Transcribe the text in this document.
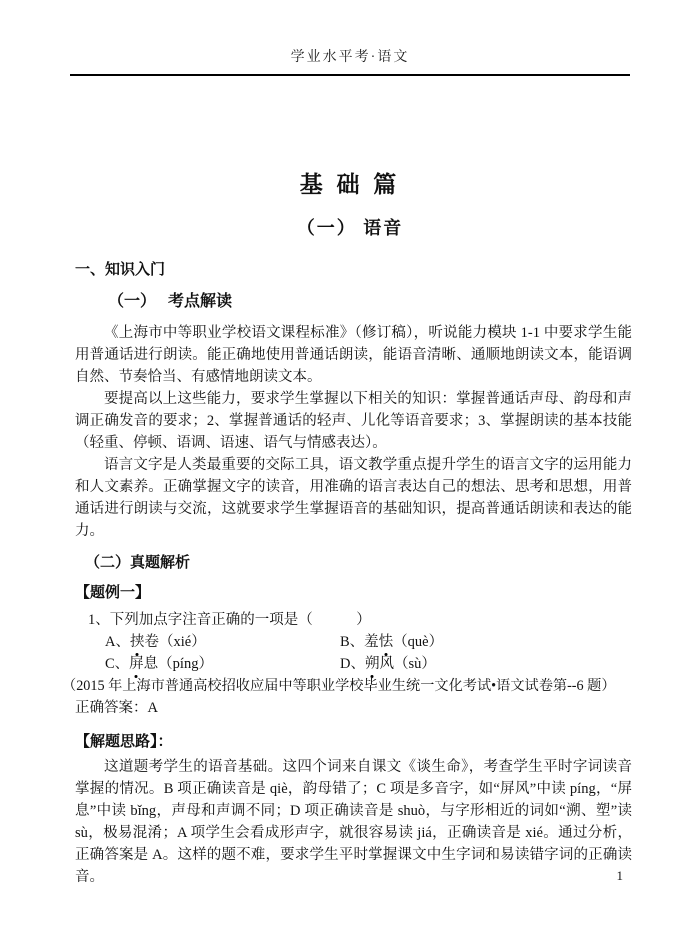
学业水平考·语文
基 础 篇
（一） 语音
一、知识入门
（一）　 考点解读

《上海市中等职业学校语文课程标准》（修订稿），听说能力模块 1-1 中要求学生能用普通话进行朗读。能正确地使用普通话朗读，能语音清晰、通顺地朗读文本，能语调自然、节奏恰当、有感情地朗读文本。

要提高以上这些能力，要求学生掌握以下相关的知识：掌握普通话声母、韵母和声调正确发音的要求；2、掌握普通话的轻声、儿化等语音要求；3、掌握朗读的基本技能（轻重、停顿、语调、语速、语气与情感表达）。

语言文字是人类最重要的交际工具，语文教学重点提升学生的语言文字的运用能力和人文素养。正确掌握文字的读音，用准确的语言表达自己的想法、思考和思想，用普通话进行朗读与交流，这就要求学生掌握语音的基础知识，提高普通话朗读和表达的能力。

（二）真题解析
【题例一】
1、下列加点字注音正确的一项是（　　　）
A、挟卷（xié）	B、羞怯（què）
C、屏息（píng）	D、朔风（sù）
（2015 年上海市普通高校招收应届中等职业学校毕业生统一文化考试•语文试卷第--6 题）
正确答案：A
【解题思路】：

这道题考学生的语音基础。这四个词来自课文《谈生命》，考查学生平时字词读音掌握的情况。B 项正确读音是 qiè，韵母错了；C 项是多音字，如“屏风”中读 píng，“屏息”中读 bǐng，声母和声调不同；D 项正确读音是 shuò，与字形相近的词如“溯、塑”读 sù，极易混淆；A 项学生会看成形声字，就很容易读 jiá，正确读音是 xié。通过分析，正确答案是 A。这样的题不难，要求学生平时掌握课文中生字词和易读错字词的正确读音。	1
